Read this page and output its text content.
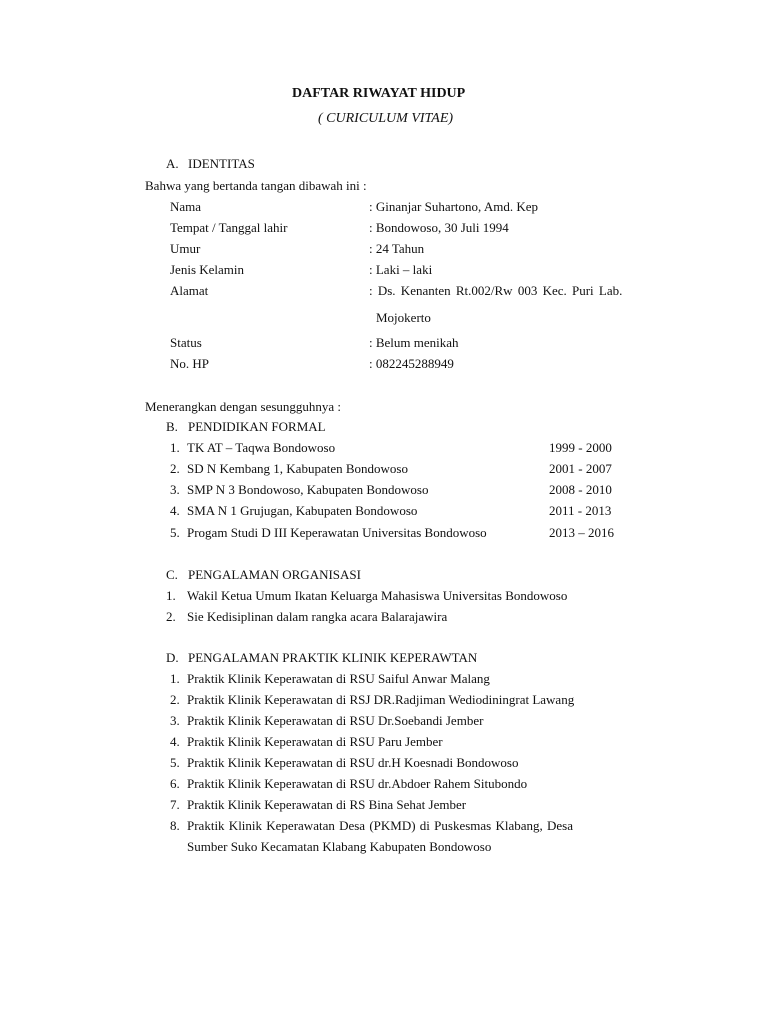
DAFTAR RIWAYAT HIDUP
( CURICULUM VITAE)
A. IDENTITAS
Bahwa yang bertanda tangan dibawah ini :
Nama	: Ginanjar Suhartono, Amd. Kep
Tempat / Tanggal lahir	: Bondowoso, 30 Juli 1994
Umur	: 24 Tahun
Jenis Kelamin	: Laki – laki
Alamat	: Ds. Kenanten Rt.002/Rw 003 Kec. Puri Lab.
Mojokerto
Status	: Belum menikah
No. HP	: 082245288949
Menerangkan dengan sesungguhnya :
B. PENDIDIKAN FORMAL
1. TK AT – Taqwa Bondowoso	1999 - 2000
2. SD N Kembang 1, Kabupaten Bondowoso	2001 - 2007
3. SMP N 3 Bondowoso, Kabupaten Bondowoso	2008 - 2010
4. SMA N 1 Grujugan, Kabupaten Bondowoso	2011 - 2013
5. Progam Studi D III Keperawatan Universitas Bondowoso	2013 – 2016
C. PENGALAMAN ORGANISASI
1. Wakil Ketua Umum Ikatan Keluarga Mahasiswa Universitas Bondowoso
2. Sie Kedisiplinan dalam rangka acara Balarajawira
D. PENGALAMAN PRAKTIK KLINIK KEPERAWTAN
1. Praktik Klinik Keperawatan di RSU Saiful Anwar Malang
2. Praktik Klinik Keperawatan di RSJ DR.Radjiman Wediodiningrat Lawang
3. Praktik Klinik Keperawatan di RSU Dr.Soebandi Jember
4. Praktik Klinik Keperawatan di RSU Paru Jember
5. Praktik Klinik Keperawatan di RSU dr.H Koesnadi Bondowoso
6. Praktik Klinik Keperawatan di RSU dr.Abdoer Rahem Situbondo
7. Praktik Klinik Keperawatan di RS Bina Sehat Jember
8. Praktik Klinik Keperawatan Desa (PKMD) di Puskesmas Klabang, Desa
Sumber Suko Kecamatan Klabang Kabupaten Bondowoso
